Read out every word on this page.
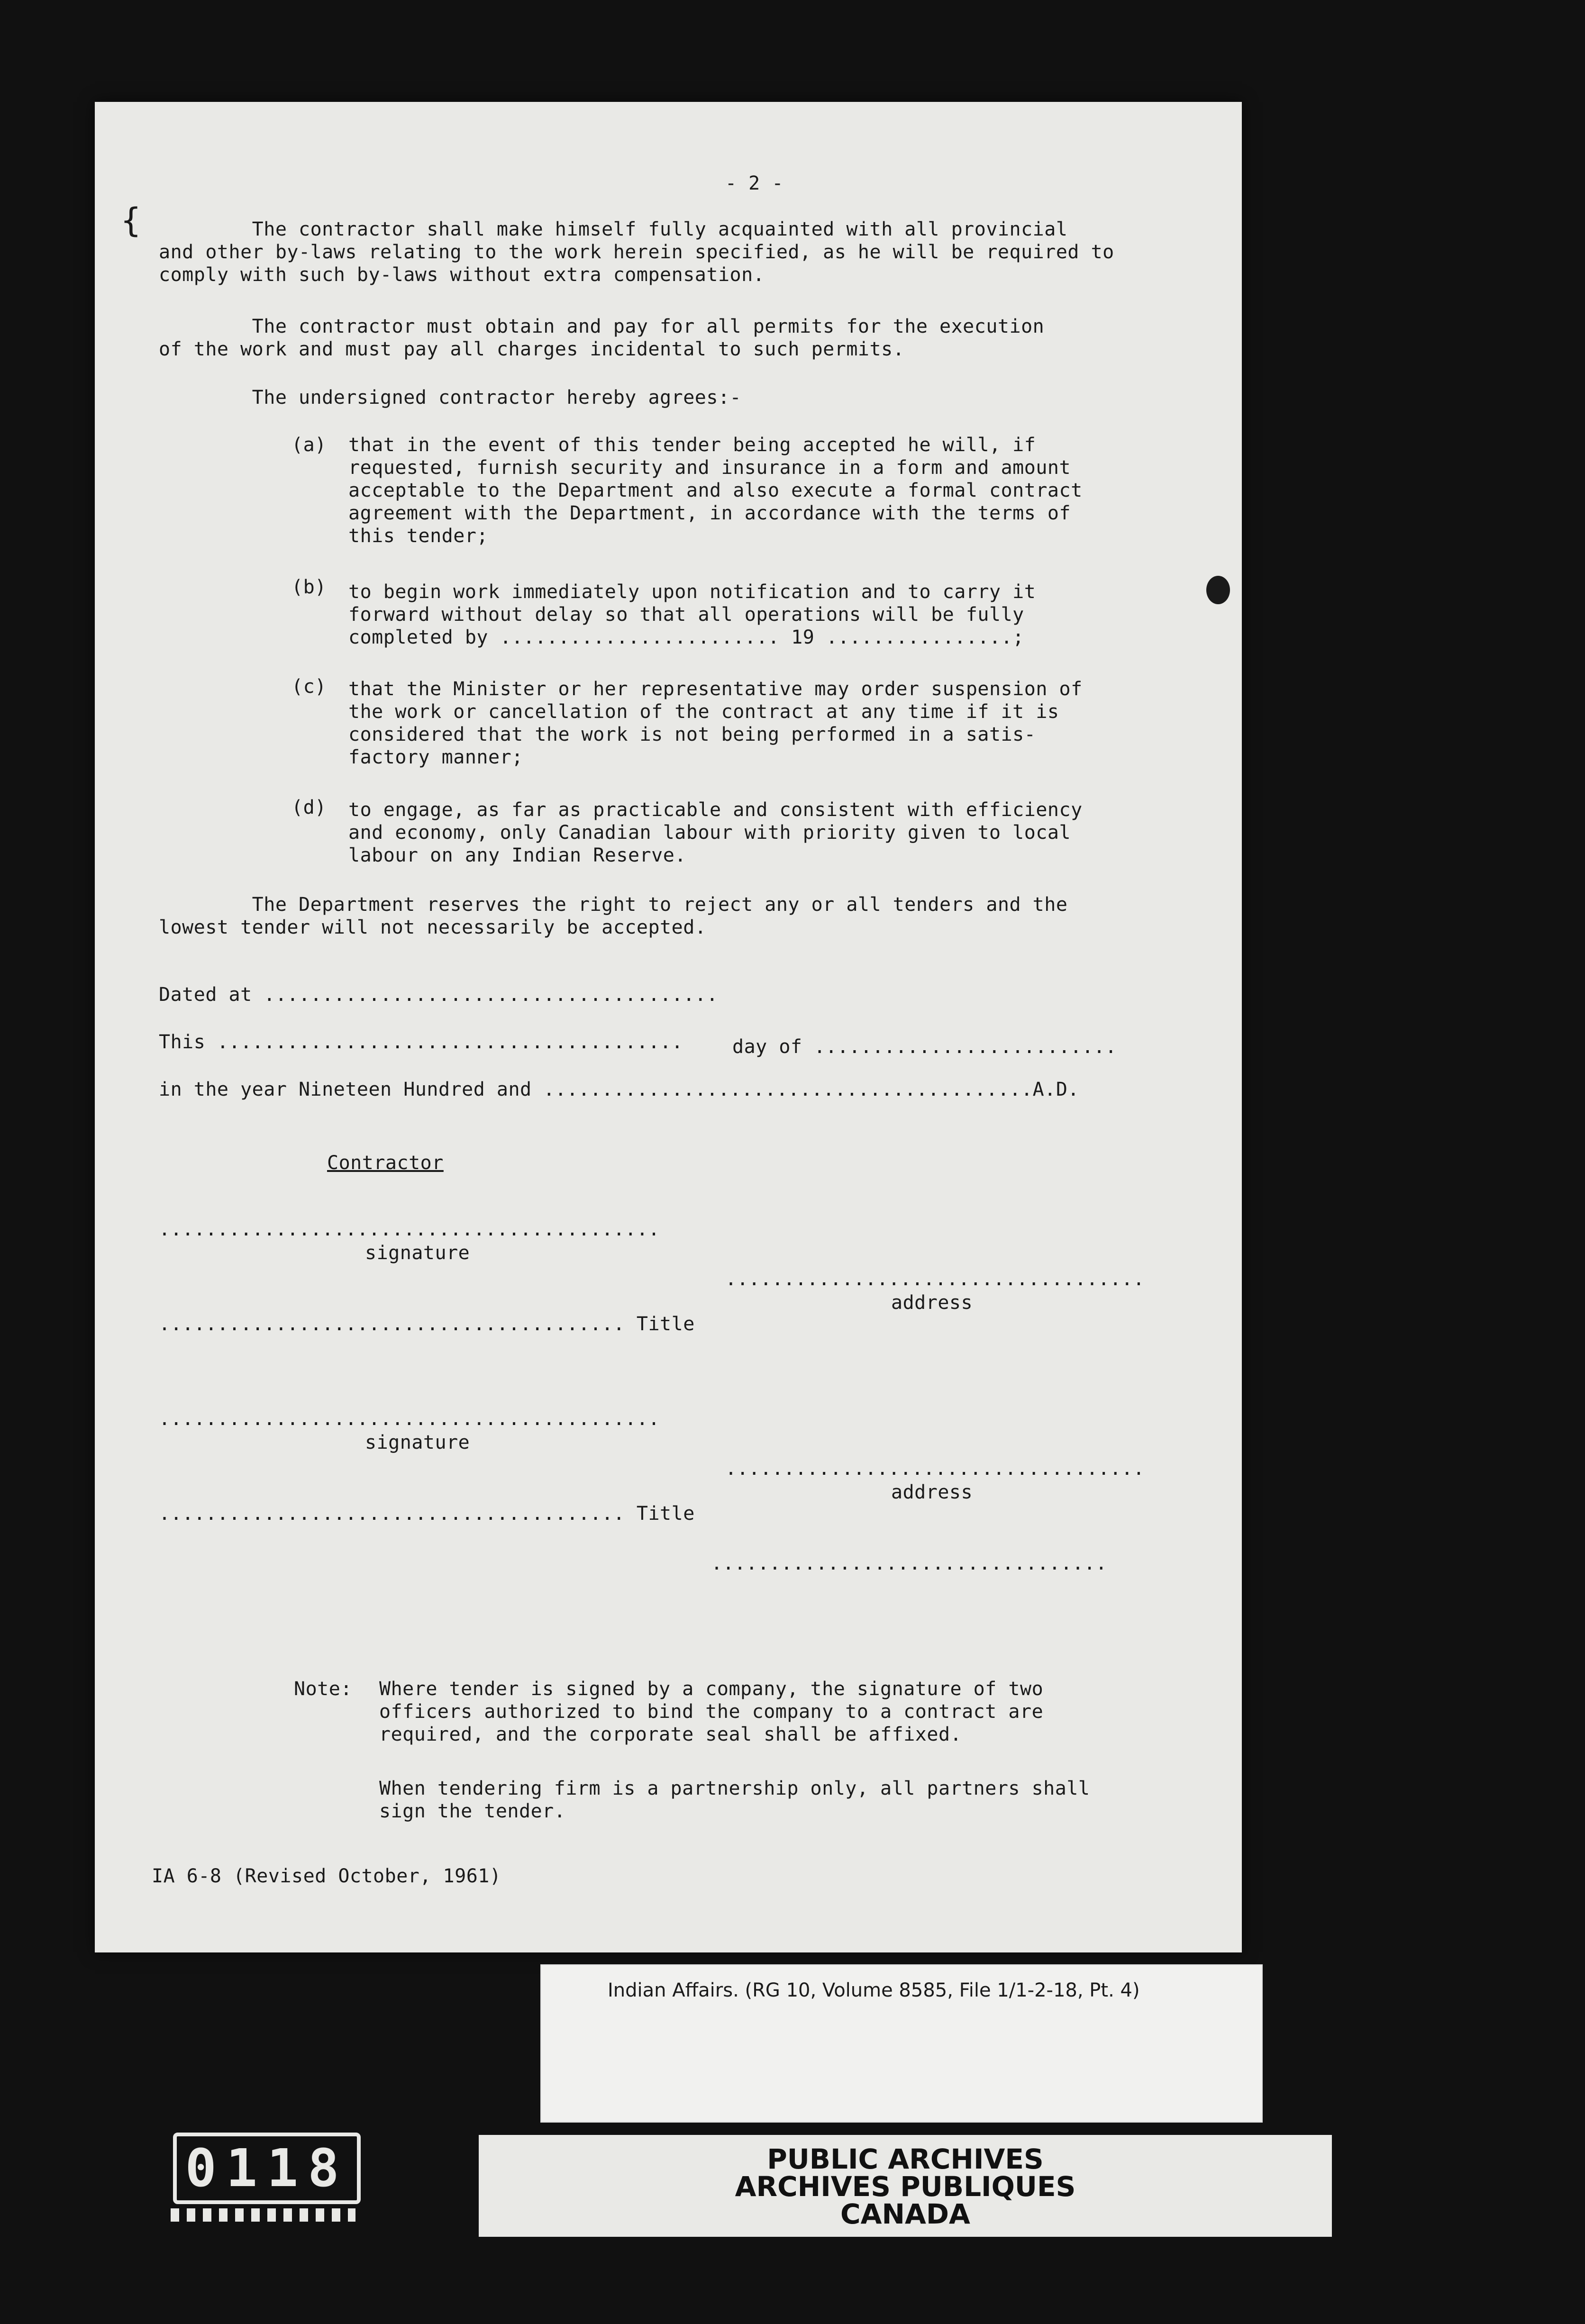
- 2 -
{ The contractor shall make himself fully acquainted with all provincial
and other by-laws relating to the work herein specified, as he will be required to
comply with such by-laws without extra compensation.
The contractor must obtain and pay for all permits for the execution
of the work and must pay all charges incidental to such permits.
The undersigned contractor hereby agrees:-
(a) that in the event of this tender being accepted he will, if
requested, furnish security and insurance in a form and amount
acceptable to the Department and also execute a formal contract
agreement with the Department, in accordance with the terms of
this tender;
(b) to begin work immediately upon notification and to carry it
forward without delay so that all operations will be fully
completed by ........................ 19 ................;
(c) that the Minister or her representative may order suspension of
the work or cancellation of the contract at any time if it is
considered that the work is not being performed in a satis-
factory manner;
(d) to engage, as far as practicable and consistent with efficiency
and economy, only Canadian labour with priority given to local
labour on any Indian Reserve.
The Department reserves the right to reject any or all tenders and the
lowest tender will not necessarily be accepted.
Dated at .......................................
This ........................................	day of ..........................
in the year Nineteen Hundred and ..........................................A.D.
Contractor
...........................................
signature
....................................
address
........................................ Title
...........................................
signature
....................................
address
........................................ Title
..................................
Note: Where tender is signed by a company, the signature of two
officers authorized to bind the company to a contract are
required, and the corporate seal shall be affixed.
When tendering firm is a partnership only, all partners shall
sign the tender.
IA 6-8 (Revised October, 1961)
Indian Affairs. (RG 10, Volume 8585, File 1/1-2-18, Pt. 4)
PUBLIC ARCHIVES
ARCHIVES PUBLIQUES
CANADA
0118
